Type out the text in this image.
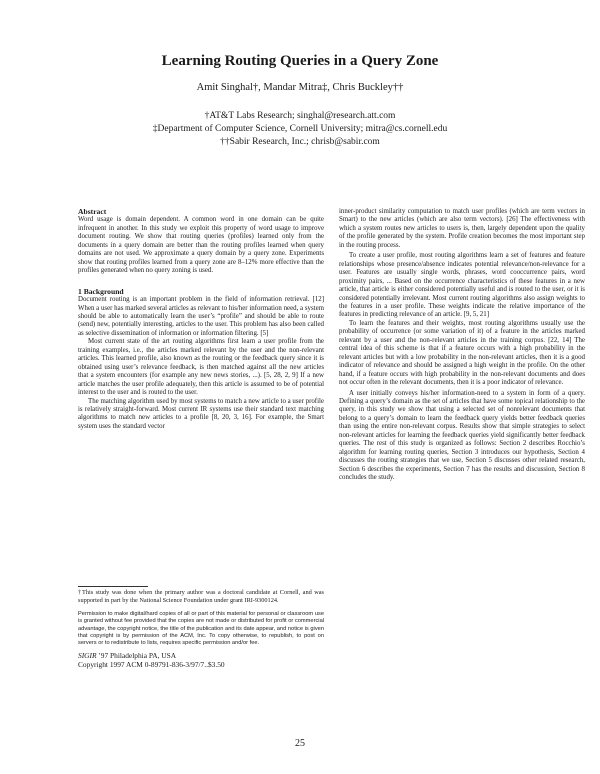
Learning Routing Queries in a Query Zone
Amit Singhal†, Mandar Mitra‡, Chris Buckley††
†AT&T Labs Research; singhal@research.att.com
‡Department of Computer Science, Cornell University; mitra@cs.cornell.edu
††Sabir Research, Inc.; chrisb@sabir.com

Abstract

Word usage is domain dependent. A common word in one domain can be quite infrequent in another. In this study we exploit this property of word usage to improve document routing. We show that routing queries (profiles) learned only from the documents in a query domain are better than the routing profiles learned when query domains are not used. We approximate a query domain by a query zone. Experiments show that routing profiles learned from a query zone are 8–12% more effective than the profiles generated when no query zoning is used.

1 Background

Document routing is an important problem in the field of information retrieval. [12] When a user has marked several articles as relevant to his/her information need, a system should be able to automatically learn the user’s “profile” and should be able to route (send) new, potentially interesting, articles to the user. This problem has also been called as selective dissemination of information or information filtering. [5]

Most current state of the art routing algorithms first learn a user profile from the training examples, i.e., the articles marked relevant by the user and the non-relevant articles. This learned profile, also known as the routing or the feedback query since it is obtained using user’s relevance feedback, is then matched against all the new articles that a system encounters (for example any new news stories, ...). [5, 28, 2, 9] If a new article matches the user profile adequately, then this article is assumed to be of potential interest to the user and is routed to the user.

The matching algorithm used by most systems to match a new article to a user profile is relatively straight-forward. Most current IR systems use their standard text matching algorithms to match new articles to a profile [8, 20, 3, 16]. For example, the Smart system uses the standard vector

†This study was done when the primary author was a doctoral candidate at Cornell, and was supported in part by the National Science Foundation under grant IRI-9300124.

Permission to make digital/hard copies of all or part of this material for personal or classroom use is granted without fee provided that the copies are not made or distributed for profit or commercial advantage, the copyright notice, the title of the publication and its date appear, and notice is given that copyright is by permission of the ACM, Inc. To copy otherwise, to republish, to post on servers or to redistribute to lists, requires specific permission and/or fee.

SIGIR ’97 Philadelphia PA, USA

Copyright 1997 ACM 0-89791-836-3/97/7..$3.50

inner-product similarity computation to match user profiles (which are term vectors in Smart) to the new articles (which are also term vectors). [26] The effectiveness with which a system routes new articles to users is, then, largely dependent upon the quality of the profile generated by the system. Profile creation becomes the most important step in the routing process.

To create a user profile, most routing algorithms learn a set of features and feature relationships whose presence/absence indicates potential relevance/non-relevance for a user. Features are usually single words, phrases, word cooccurrence pairs, word proximity pairs, ... Based on the occurrence characteristics of these features in a new article, that article is either considered potentially useful and is routed to the user, or it is considered potentially irrelevant. Most current routing algorithms also assign weights to the features in a user profile. These weights indicate the relative importance of the features in predicting relevance of an article. [9, 5, 21]

To learn the features and their weights, most routing algorithms usually use the probability of occurrence (or some variation of it) of a feature in the articles marked relevant by a user and the non-relevant articles in the training corpus. [22, 14] The central idea of this scheme is that if a feature occurs with a high probability in the relevant articles but with a low probability in the non-relevant articles, then it is a good indicator of relevance and should be assigned a high weight in the profile. On the other hand, if a feature occurs with high probability in the non-relevant documents and does not occur often in the relevant documents, then it is a poor indicator of relevance.

A user initially conveys his/her information-need to a system in form of a query. Defining a query’s domain as the set of articles that have some topical relationship to the query, in this study we show that using a selected set of nonrelevant documents that belong to a query’s domain to learn the feedback query yields better feedback queries than using the entire non-relevant corpus. Results show that simple strategies to select non-relevant articles for learning the feedback queries yield significantly better feedback queries. The rest of this study is organized as follows: Section 2 describes Rocchio’s algorithm for learning routing queries, Section 3 introduces our hypothesis, Section 4 discusses the routing strategies that we use, Section 5 discusses other related research, Section 6 describes the experiments, Section 7 has the results and discussion, Section 8 concludes the study.

25
